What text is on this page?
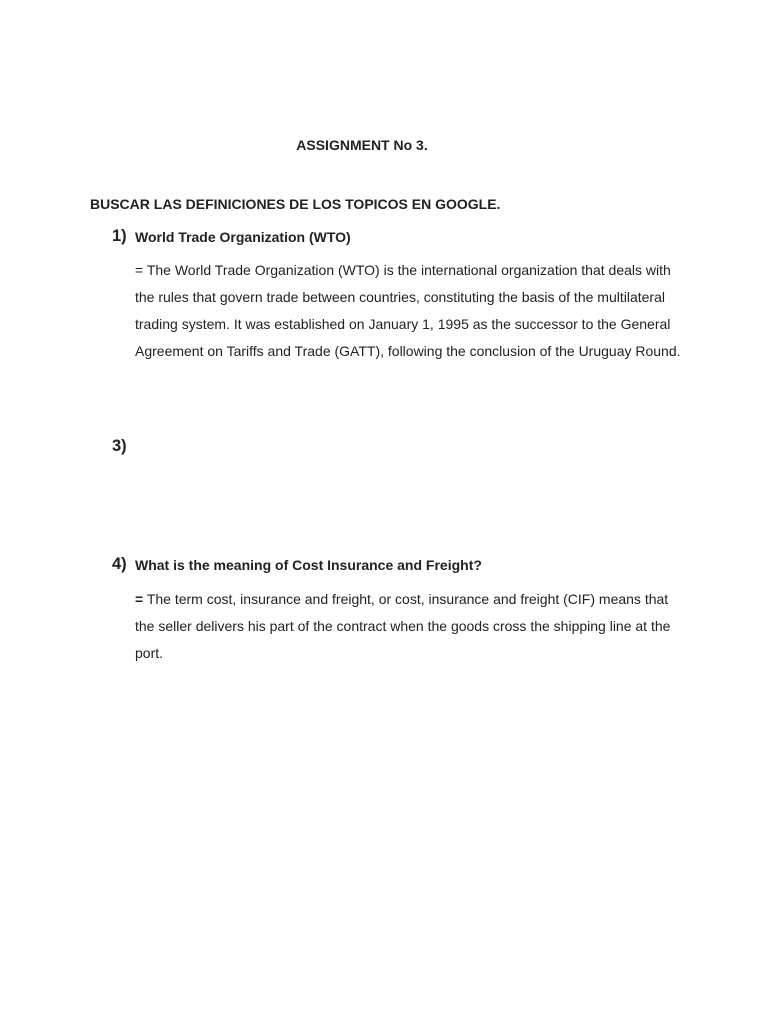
ASSIGNMENT No 3.
BUSCAR LAS DEFINICIONES DE LOS TOPICOS EN GOOGLE.
1) World Trade Organization (WTO)
= The World Trade Organization (WTO) is the international organization that deals with the rules that govern trade between countries, constituting the basis of the multilateral trading system. It was established on January 1, 1995 as the successor to the General Agreement on Tariffs and Trade (GATT), following the conclusion of the Uruguay Round.
3)
4) What is the meaning of Cost Insurance and Freight?
= The term cost, insurance and freight, or cost, insurance and freight (CIF) means that the seller delivers his part of the contract when the goods cross the shipping line at the port.
